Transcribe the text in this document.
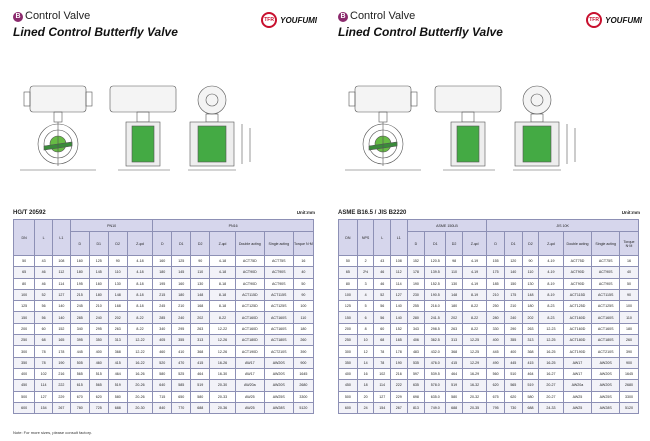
B Control Valve
Lined Control Butterfly Valve
TFR YOUFUMI
HG/T 20592	Unit:mm
DN	L	L1	PN10				PN16						
			D	D1	D2	Z-φd	D	D1	D2	Z-φd	Double acting	Single acting	Torque N·M
50	43	108	160	125	90	4-18	160	125	90	4-18	ACT75D	ACT75S	16
65	46	112	180	145	110	4-18	180	145	110	4-18	ACT90D	ACT90S	40
80	46	114	195	160	130	8-18	195	160	130	8-18	ACT90D	ACT90S	50
100	52	127	215	180	148	8-18	215	180	148	8-18	ACT115D	ACT115S	90
125	56	140	245	210	168	8-18	245	210	168	8-18	ACT125D	ACT125S	100
150	56	140	285	240	202	8-22	285	240	202	8-22	ACT160D	ACT160S	110
200	60	152	340	295	263	8-22	340	295	263	12-22	ACT160D	ACT160S	180
250	68	165	395	350	313	12-22	405	355	313	12-26	ACT180D	ACT180S	260
300	78	178	445	400	368	12-22	460	410	368	12-26	ACT190D	ACT210S	390
350	78	190	505	460	415	16-22	520	470	415	16-26	AW17	AW20S	900
400	102	216	565	515	464	16-26	580	525	464	16-30	AW17	AW20S	1645
450	114	222	615	565	519	20-26	640	585	519	20-30	AW20a	AW20S	2680
500	127	229	670	620	580	20-26	715	650	580	20-33	AW25	AW25S	3300
600	154	267	780	725	688	20-30	840	770	688	20-36	AW25	AW28S	5120
Note: For more sizes, please consult factory.
B Control Valve
Lined Control Butterfly Valve
TFR YOUFUMI
ASME B16.5 / JIS B2220	Unit:mm
DN	NPS	L	L1	ASME 150LB				JIS 10K						
				D	D1	D2	Z-φd	D	D1	D2	Z-φd	Double acting	Single acting	Torque N·M
50	2	43	108	152	120.5	98	4-19	155	120	90	4-19	ACT75D	ACT75S	16
65	2½	46	112	178	139.5	110	4-19	175	140	110	4-19	ACT90D	ACT90S	40
80	3	46	114	190	152.5	130	4-19	185	150	130	8-19	ACT90D	ACT90S	50
100	4	52	127	230	190.5	148	8-19	210	175	148	8-19	ACT115D	ACT115S	90
125	5	56	140	255	216.0	180	8-22	250	210	180	8-23	ACT125D	ACT125S	100
150	6	56	140	280	241.5	202	8-22	280	240	202	8-23	ACT160D	ACT160S	110
200	8	60	152	343	298.5	263	8-22	330	290	263	12-23	ACT160D	ACT160S	180
250	10	68	165	406	362.5	313	12-25	400	355	313	12-25	ACT180D	ACT180S	260
300	12	78	178	483	432.0	368	12-25	445	400	368	16-25	ACT190D	ACT210S	390
350	14	78	190	535	476.0	415	12-29	490	445	415	16-25	AW17	AW20S	900
400	16	102	216	597	539.5	464	16-29	560	510	464	16-27	AW17	AW20S	1645
450	18	114	222	635	578.0	519	16-32	620	565	519	20-27	AW20a	AW20S	2680
500	20	127	229	698	635.0	580	20-32	675	620	580	20-27	AW25	AW25S	3300
600	24	154	267	813	749.0	688	20-35	795	730	688	24-33	AW25	AW28S	5120
